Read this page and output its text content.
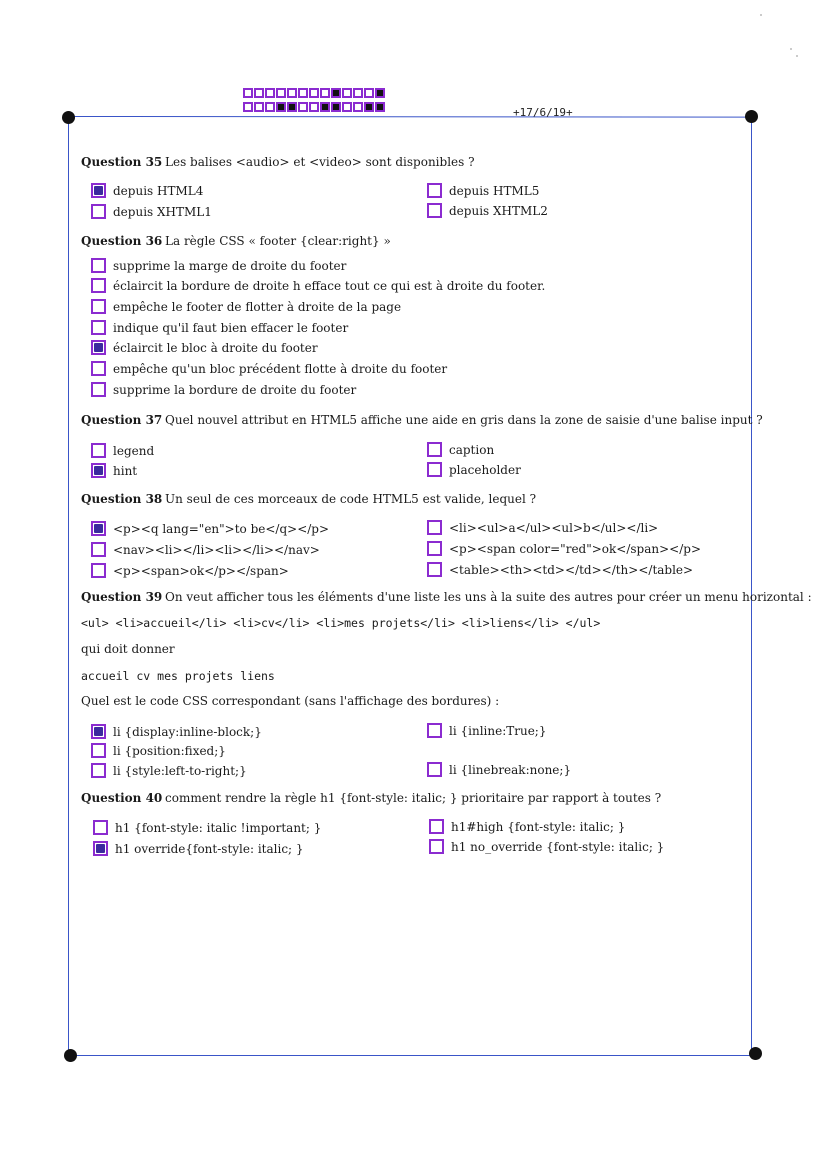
+17/6/19+
Question 35 Les balises <audio> et <video> sont disponibles ?
depuis HTML4	depuis HTML5
depuis XHTML1	depuis XHTML2
Question 36 La règle CSS « footer {clear:right} »
supprime la marge de droite du footer
éclaircit la bordure de droite h efface tout ce qui est à droite du footer.
empêche le footer de flotter à droite de la page
indique qu'il faut bien effacer le footer
éclaircit le bloc à droite du footer
empêche qu'un bloc précédent flotte à droite du footer
supprime la bordure de droite du footer
Question 37 Quel nouvel attribut en HTML5 affiche une aide en gris dans la zone de saisie d'une balise input ?
legend	caption
hint	placeholder
Question 38 Un seul de ces morceaux de code HTML5 est valide, lequel ?
<p><q lang="en">to be</q></p>	<li><ul>a</ul><ul>b</ul></li>
<nav><li></li><li></li></nav>	<p><span color="red">ok</span></p>
<p><span>ok</p></span>	<table><th><td></td></th></table>
Question 39 On veut afficher tous les éléments d'une liste les uns à la suite des autres pour créer un menu horizontal :
<ul> <li>accueil</li> <li>cv</li> <li>mes projets</li> <li>liens</li> </ul>
qui doit donner
accueil cv mes projets liens
Quel est le code CSS correspondant (sans l'affichage des bordures) :
li {display:inline-block;}	li {inline:True;}
li {position:fixed;}
li {style:left-to-right;}	li {linebreak:none;}
Question 40 comment rendre la règle h1 {font-style: italic; } prioritaire par rapport à toutes ?
h1 {font-style: italic !important; }	h1#high {font-style: italic; }
h1 override{font-style: italic; }	h1 no_override {font-style: italic; }
